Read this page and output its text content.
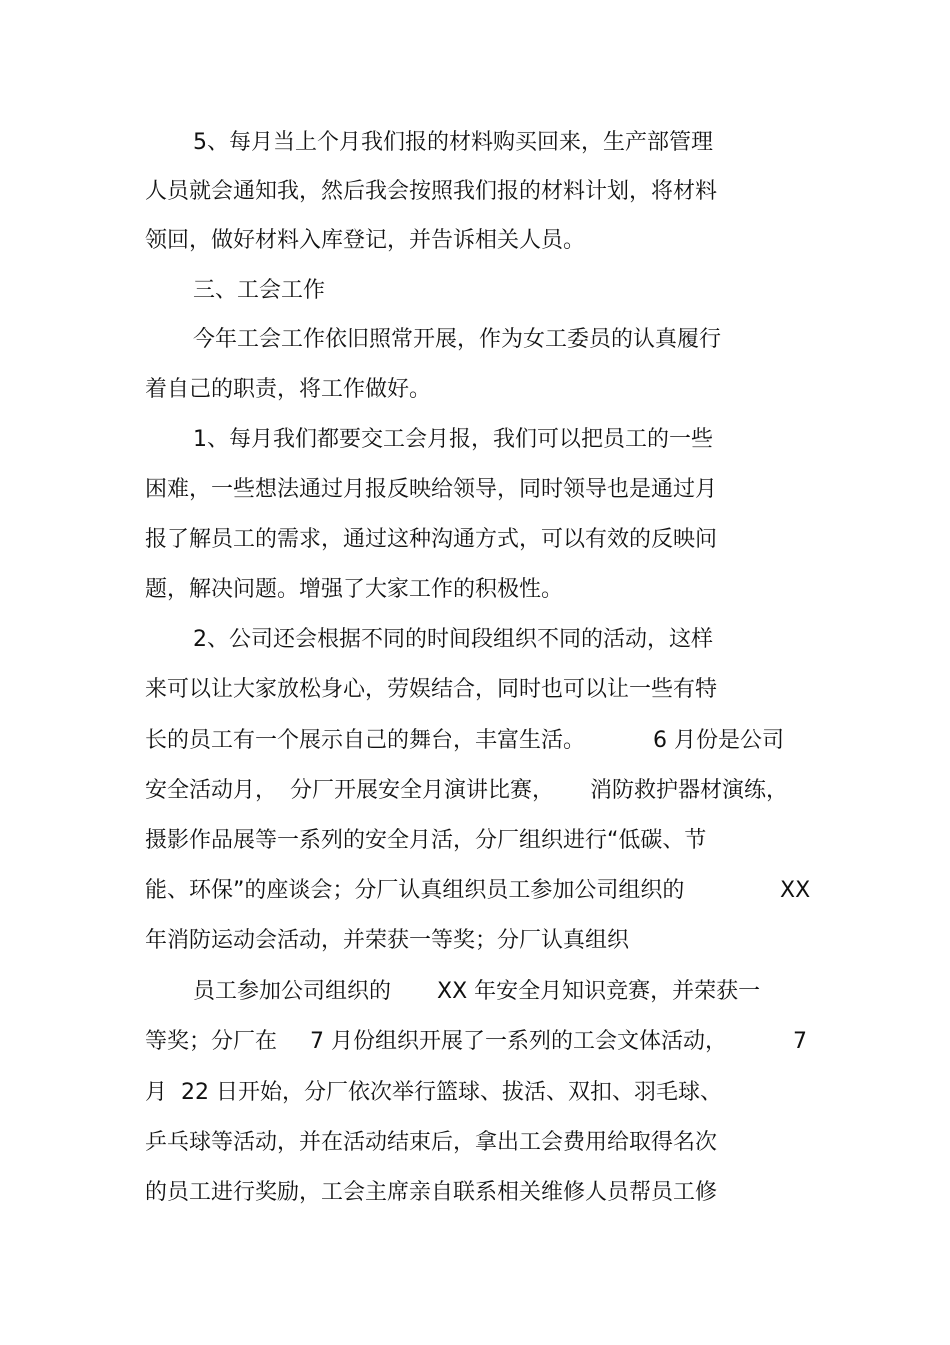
5、每月当上个月我们报的材料购买回来，生产部管理
人员就会通知我，然后我会按照我们报的材料计划，将材料
领回，做好材料入库登记，并告诉相关人员。
三、工会工作
今年工会工作依旧照常开展，作为女工委员的认真履行
着自己的职责，将工作做好。
1、每月我们都要交工会月报，我们可以把员工的一些
困难，一些想法通过月报反映给领导，同时领导也是通过月
报了解员工的需求，通过这种沟通方式，可以有效的反映问
题，解决问题。增强了大家工作的积极性。
2、公司还会根据不同的时间段组织不同的活动，这样
来可以让大家放松身心，劳娱结合，同时也可以让一些有特
长的员工有一个展示自己的舞台，丰富生活。	6 月份是公司
安全活动月， 分厂开展安全月演讲比赛， 消防救护器材演练，
摄影作品展等一系列的安全月活，分厂组织进行“低碳、节
能、环保”的座谈会；分厂认真组织员工参加公司组织的	XX
年消防运动会活动，并荣获一等奖；分厂认真组织
员工参加公司组织的 XX 年安全月知识竞赛，并荣获一
等奖；分厂在 7 月份组织开展了一系列的工会文体活动，	7
月 22 日开始，分厂依次举行篮球、拔活、双扣、羽毛球、
乒乓球等活动，并在活动结束后，拿出工会费用给取得名次
的员工进行奖励，工会主席亲自联系相关维修人员帮员工修
